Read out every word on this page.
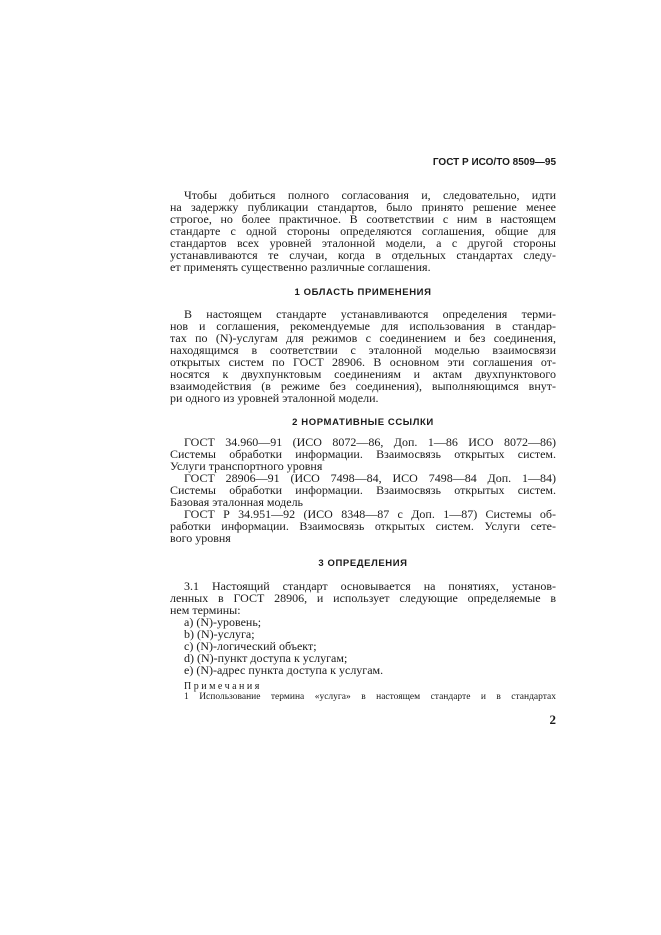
ГОСТ Р ИСО/ТО 8509—95
Чтобы добиться полного согласования и, следовательно, идти
на задержку публикации стандартов, было принято решение менее
строгое, но более практичное. В соответствии с ним в настоящем
стандарте с одной стороны определяются соглашения, общие для
стандартов всех уровней эталонной модели, а с другой стороны
устанавливаются те случаи, когда в отдельных стандартах следу-
ет применять существенно различные соглашения.
1 ОБЛАСТЬ ПРИМЕНЕНИЯ
В настоящем стандарте устанавливаются определения терми-
нов и соглашения, рекомендуемые для использования в стандар-
тах по (N)-услугам для режимов с соединением и без соединения,
находящимся в соответствии с эталонной моделью взаимосвязи
открытых систем по ГОСТ 28906. В основном эти соглашения от-
носятся к двухпунктовым соединениям и актам двухпунктового
взаимодействия (в режиме без соединения), выполняющимся внут-
ри одного из уровней эталонной модели.
2 НОРМАТИВНЫЕ ССЫЛКИ
ГОСТ 34.960—91 (ИСО 8072—86, Доп. 1—86 ИСО 8072—86)
Системы обработки информации. Взаимосвязь открытых систем.
Услуги транспортного уровня
ГОСТ 28906—91 (ИСО 7498—84, ИСО 7498—84 Доп. 1—84)
Системы обработки информации. Взаимосвязь открытых систем.
Базовая эталонная модель
ГОСТ Р 34.951—92 (ИСО 8348—87 с Доп. 1—87) Системы об-
работки информации. Взаимосвязь открытых систем. Услуги сете-
вого уровня
3 ОПРЕДЕЛЕНИЯ
3.1 Настоящий стандарт основывается на понятиях, установ-
ленных в ГОСТ 28906, и использует следующие определяемые в
нем термины:
a) (N)-уровень;
b) (N)-услуга;
c) (N)-логический объект;
d) (N)-пункт доступа к услугам;
e) (N)-адрес пункта доступа к услугам.
Примечания
1 Использование термина «услуга» в настоящем стандарте и в стандартах
2
